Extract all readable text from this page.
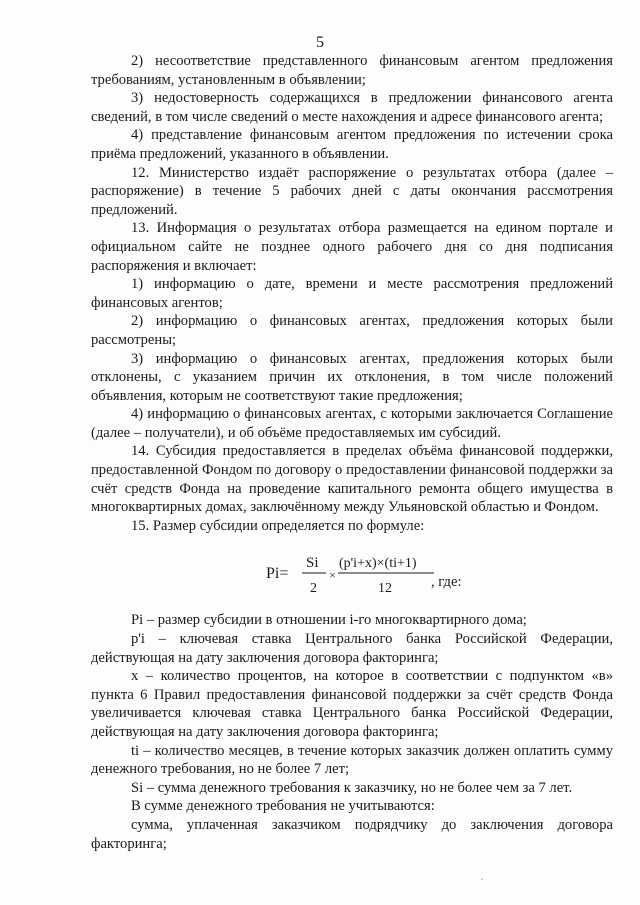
5

2) несоответствие представленного финансовым агентом предложения требованиям, установленным в объявлении;

3) недостоверность содержащихся в предложении финансового агента сведений, в том числе сведений о месте нахождения и адресе финансового агента;

4) представление финансовым агентом предложения по истечении срока приёма предложений, указанного в объявлении.

12. Министерство издаёт распоряжение о результатах отбора (далее – распоряжение) в течение 5 рабочих дней с даты окончания рассмотрения предложений.

13. Информация о результатах отбора размещается на едином портале и официальном сайте не позднее одного рабочего дня со дня подписания распоряжения и включает:

1) информацию о дате, времени и месте рассмотрения предложений финансовых агентов;

2) информацию о финансовых агентах, предложения которых были рассмотрены;

3) информацию о финансовых агентах, предложения которых были отклонены, с указанием причин их отклонения, в том числе положений объявления, которым не соответствуют такие предложения;

4) информацию о финансовых агентах, с которыми заключается Соглашение (далее – получатели), и об объёме предоставляемых им субсидий.

14. Субсидия предоставляется в пределах объёма финансовой поддержки, предоставленной Фондом по договору о предоставлении финансовой поддержки за счёт средств Фонда на проведение капитального ремонта общего имущества в многоквартирных домах, заключённому между Ульяновской областью и Фондом.

15. Размер субсидии определяется по формуле:

Pi=
Si
2
×
(p'i+x)×(ti+1)
12	, где:

Pi – размер субсидии в отношении i-го многоквартирного дома;

p'i – ключевая ставка Центрального банка Российской Федерации, действующая на дату заключения договора факторинга;

x – количество процентов, на которое в соответствии с подпунктом «в» пункта 6 Правил предоставления финансовой поддержки за счёт средств Фонда увеличивается ключевая ставка Центрального банка Российской Федерации, действующая на дату заключения договора факторинга;

ti – количество месяцев, в течение которых заказчик должен оплатить сумму денежного требования, но не более 7 лет;

Si – сумма денежного требования к заказчику, но не более чем за 7 лет.

В сумме денежного требования не учитываются:

сумма, уплаченная заказчиком подрядчику до заключения договора факторинга;
